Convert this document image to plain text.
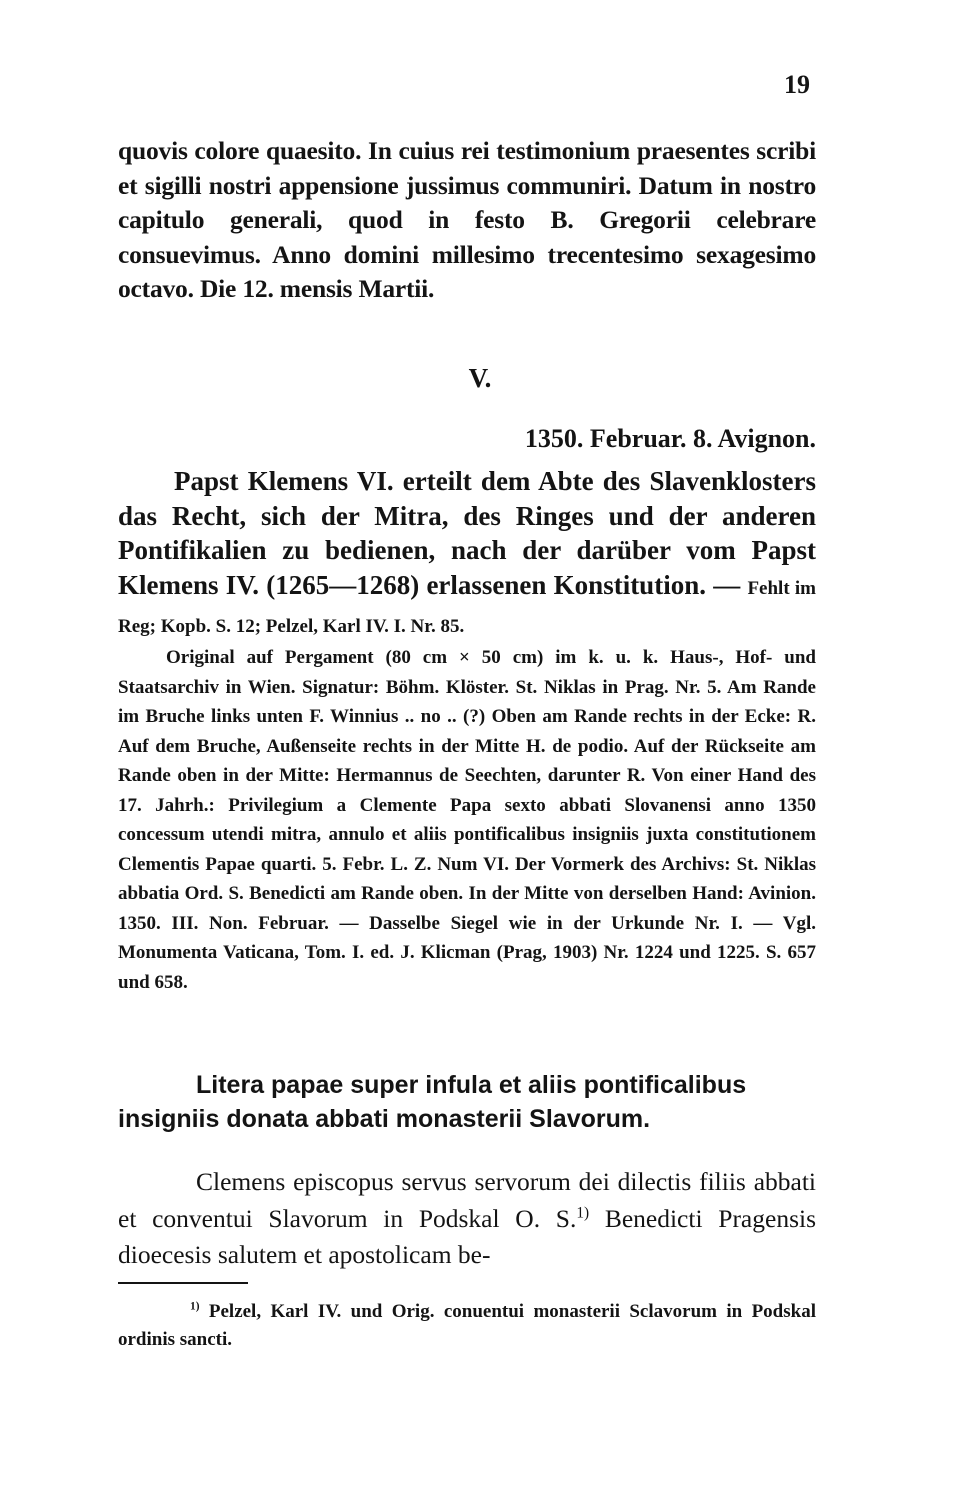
19

quovis colore quaesito. In cuius rei testimonium praesentes scribi et sigilli nostri appensione jussimus communiri. Datum in nostro capitulo generali, quod in festo B. Gregorii celebrare consuevimus. Anno domini millesimo trecentesimo sexagesimo octavo. Die 12. mensis Martii.

V.

1350. Februar. 8. Avignon.

Papst Klemens VI. erteilt dem Abte des Slavenklosters das Recht, sich der Mitra, des Ringes und der anderen Pontifikalien zu bedienen, nach der darüber vom Papst Klemens IV. (1265—1268) erlassenen Konstitution. — Fehlt im Reg; Kopb. S. 12; Pelzel, Karl IV. I. Nr. 85.

Original auf Pergament (80 cm × 50 cm) im k. u. k. Haus-, Hof- und Staatsarchiv in Wien. Signatur: Böhm. Klöster. St. Niklas in Prag. Nr. 5. Am Rande im Bruche links unten F. Winnius .. no .. (?) Oben am Rande rechts in der Ecke: R. Auf dem Bruche, Außenseite rechts in der Mitte H. de podio. Auf der Rückseite am Rande oben in der Mitte: Hermannus de Seechten, darunter R. Von einer Hand des 17. Jahrh.: Privilegium a Clemente Papa sexto abbati Slovanensi anno 1350 concessum utendi mitra, annulo et aliis pontificalibus insigniis juxta constitutionem Clementis Papae quarti. 5. Febr. L. Z. Num VI. Der Vormerk des Archivs: St. Niklas abbatia Ord. S. Benedicti am Rande oben. In der Mitte von derselben Hand: Avinion. 1350. III. Non. Februar. — Dasselbe Siegel wie in der Urkunde Nr. I. — Vgl. Monumenta Vaticana, Tom. I. ed. J. Klicman (Prag, 1903) Nr. 1224 und 1225. S. 657 und 658.

Litera papae super infula et aliis pontificalibus insigniis donata abbati monasterii Slavorum.

Clemens episcopus servus servorum dei dilectis filiis abbati et conventui Slavorum in Podskal O. S.$^{1)}$ Benedicti Pragensis dioecesis salutem et apostolicam be-

$^{1)}$ Pelzel, Karl IV. und Orig. conuentui monasterii Sclavorum in Podskal ordinis sancti.
